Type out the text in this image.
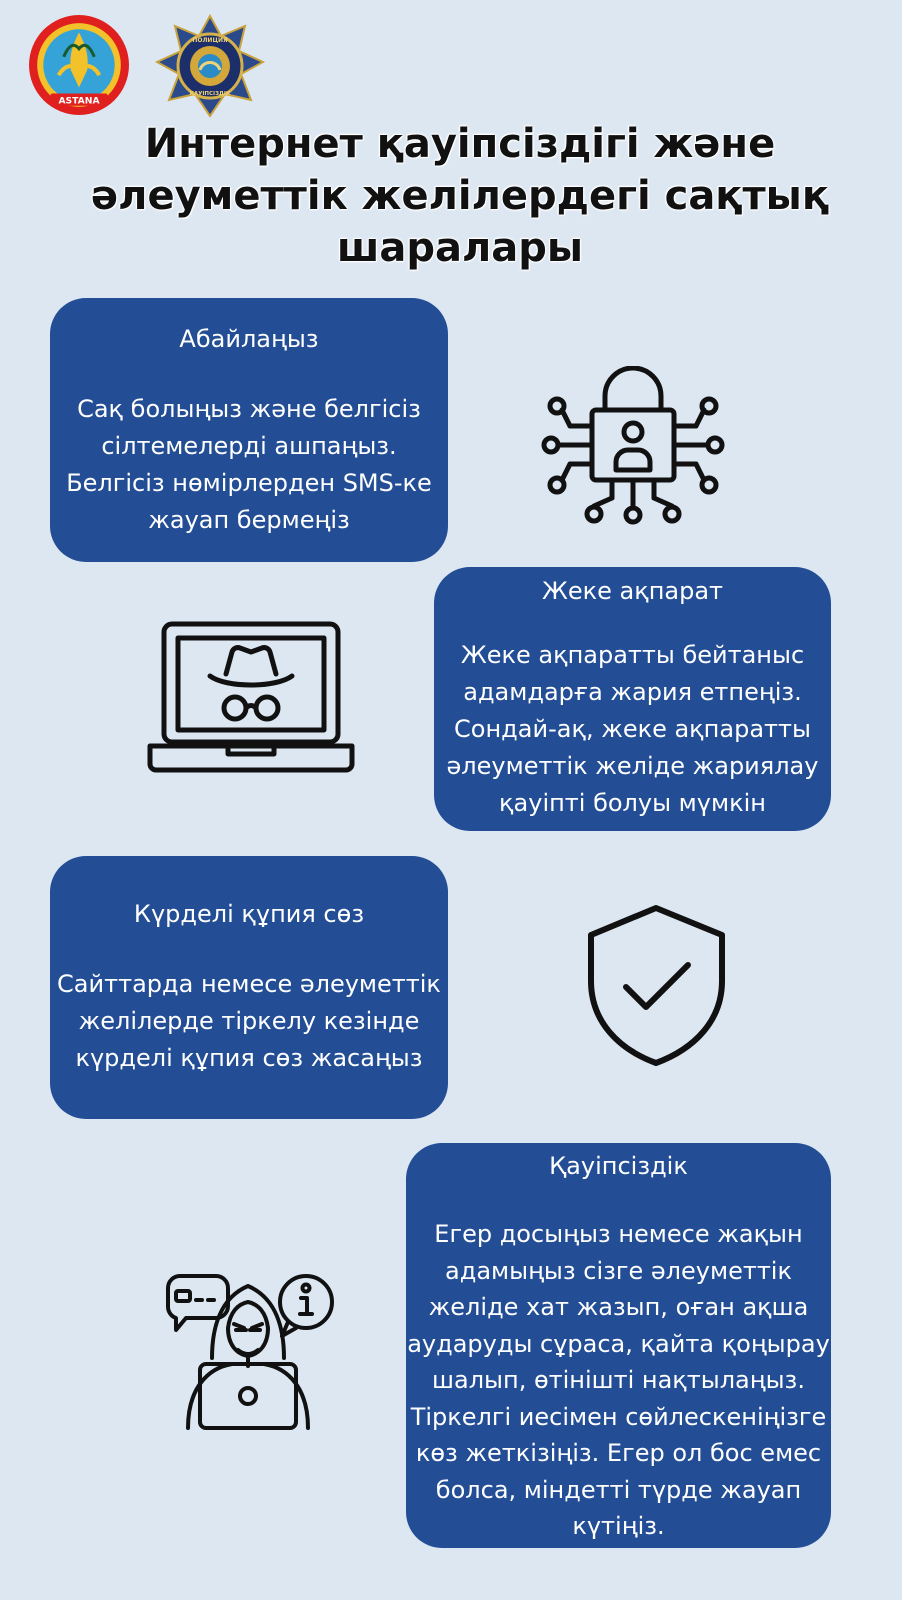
ASTANA
ПОЛИЦИЯ
ҚАУІПСІЗДІК
Интернет қауіпсіздігі және
әлеуметтік желілердегі сақтық
шаралары
Абайлаңыз
Сақ болыңыз және белгісіз
сілтемелерді ашпаңыз.
Белгісіз нөмірлерден SMS-ке
жауап бермеңіз
Жеке ақпарат
Жеке ақпаратты бейтаныс
адамдарға жария етпеңіз.
Сондай-ақ, жеке ақпаратты
әлеуметтік желіде жариялау
қауіпті болуы мүмкін
Күрделі құпия сөз
Сайттарда немесе әлеуметтік
желілерде тіркелу кезінде
күрделі құпия сөз жасаңыз
Қауіпсіздік
Егер досыңыз немесе жақын
адамыңыз сізге әлеуметтік
желіде хат жазып, оған ақша
аударуды сұраса, қайта қоңырау
шалып, өтінішті нақтылаңыз.
Тіркелгі иесімен сөйлескеніңізге
көз жеткізіңіз. Егер ол бос емес
болса, міндетті түрде жауап
күтіңіз.
